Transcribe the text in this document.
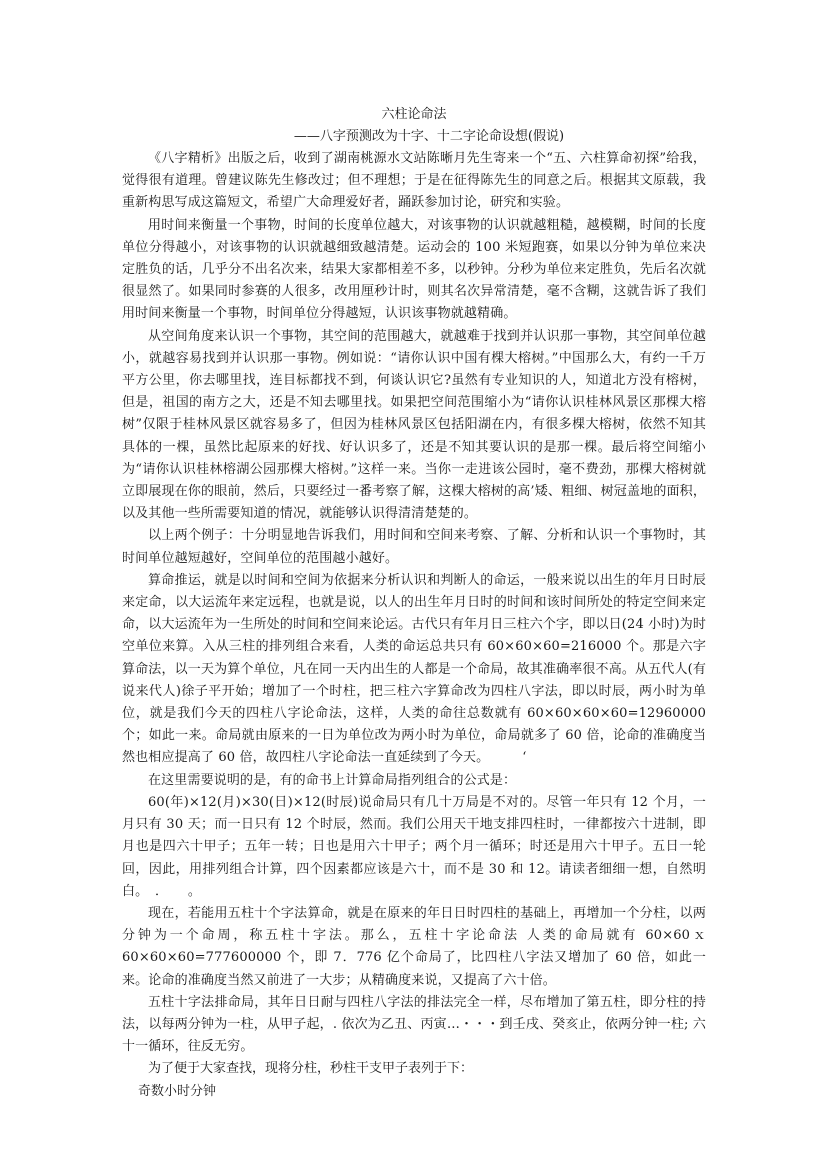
六柱论命法
——八字预测改为十字、十二字论命设想(假说)

《八字精析》出版之后，收到了湖南桃源水文站陈晰月先生寄来一个“五、六柱算命初探”给我，觉得很有道理。曾建议陈先生修改过；但不理想；于是在征得陈先生的同意之后。根据其文原载，我重新构思写成这篇短文，希望广大命理爱好者，踊跃参加讨论，研究和实验。

用时间来衡量一个事物，时间的长度单位越大，对该事物的认识就越粗糙，越模糊，时间的长度单位分得越小，对该事物的认识就越细致越清楚。运动会的 100 米短跑赛，如果以分钟为单位来决定胜负的话，几乎分不出名次来，结果大家都相差不多，以秒钟。分秒为单位来定胜负，先后名次就很显然了。如果同时参赛的人很多，改用厘秒计时，则其名次异常清楚，毫不含糊，这就告诉了我们用时间来衡量一个事物，时间单位分得越短，认识该事物就越精确。

从空间角度来认识一个事物，其空间的范围越大，就越难于找到并认识那一事物，其空间单位越小，就越容易找到并认识那一事物。例如说：“请你认识中国有棵大榕树。”中国那么大，有约一千万平方公里，你去哪里找，连目标都找不到，何谈认识它?虽然有专业知识的人，知道北方没有榕树，但是，祖国的南方之大，还是不知去哪里找。如果把空间范围缩小为“请你认识桂林风景区那棵大榕树”仅限于桂林风景区就容易多了，但因为桂林风景区包括阳湖在内，有很多棵大榕树，依然不知其具体的一棵，虽然比起原来的好找、好认识多了，还是不知其要认识的是那一棵。最后将空间缩小为“请你认识桂林榕湖公园那棵大榕树。”这样一来。当你一走进该公园时，毫不费劲，那棵大榕树就立即展现在你的眼前，然后，只要经过一番考察了解，这棵大榕树的高’矮、粗细、树冠盖地的面积，以及其他一些所需要知道的情况，就能够认识得清清楚楚的。

以上两个例子：十分明显地告诉我们，用时间和空间来考察、了解、分析和认识一个事物时，其时间单位越短越好，空间单位的范围越小越好。

算命推运，就是以时间和空间为依据来分析认识和判断人的命运，一般来说以出生的年月日时辰来定命，以大运流年来定远程，也就是说，以人的出生年月日时的时间和该时间所处的特定空间来定命，以大运流年为一生所处的时间和空间来论运。古代只有年月日三柱六个字，即以日(24 小时)为时空单位来算。入从三柱的排列组合来看，人类的命运总共只有 60×60×60=216000 个。那是六字算命法，以一天为算个单位，凡在同一天内出生的人都是一个命局，故其准确率很不高。从五代人(有说来代人)徐子平开始；增加了一个时柱，把三柱六字算命改为四柱八字法，即以时辰，两小时为单位，就是我们今天的四柱八字论命法，这样，人类的命往总数就有 60×60×60×60=12960000 个；如此一来。命局就由原来的一日为单位改为两小时为单位，命局就多了 60 倍，论命的准确度当然也相应提高了 60 倍，故四柱八字论命法一直延续到了今天。　　　‘

在这里需要说明的是，有的命书上计算命局指列组合的公式是：

60(年)×12(月)×30(日)×12(时辰)说命局只有几十万局是不对的。尽管一年只有 12 个月，一月只有 30 天；而一日只有 12 个时辰，然而。我们公用天干地支排四柱时，一律都按六十进制，即月也是四六十甲子；五年一转；日也是用六十甲子；两个月一循环；时还是用六十甲子。五日一轮回，因此，用排列组合计算，四个因素都应该是六十，而不是 30 和 12。请读者细细一想，自然明白。　．　　。

现在，若能用五柱十个字法算命，就是在原来的年日日时四柱的基础上，再增加一个分柱，以两分钟为一个命周，称五柱十字法。那么，五柱十字论命法 人类的命局就有 60×60ｘ60×60×60=777600000 个，即 7．776 亿个命局了，比四柱八字法又增加了 60 倍，如此一来。论命的准确度当然又前进了一大步；从精确度来说，又提高了六十倍。

五柱十字法排命局，其年日日耐与四柱八字法的排法完全一样，尽布增加了第五柱，即分柱的持法，以每两分钟为一柱，从甲子起，. 依次为乙丑、丙寅…・・・到壬戌、癸亥止，依两分钟一柱; 六十一循环，往反无穷。

为了便于大家查找，现将分柱，秒柱干支甲子表列于下：

奇数小时分钟
